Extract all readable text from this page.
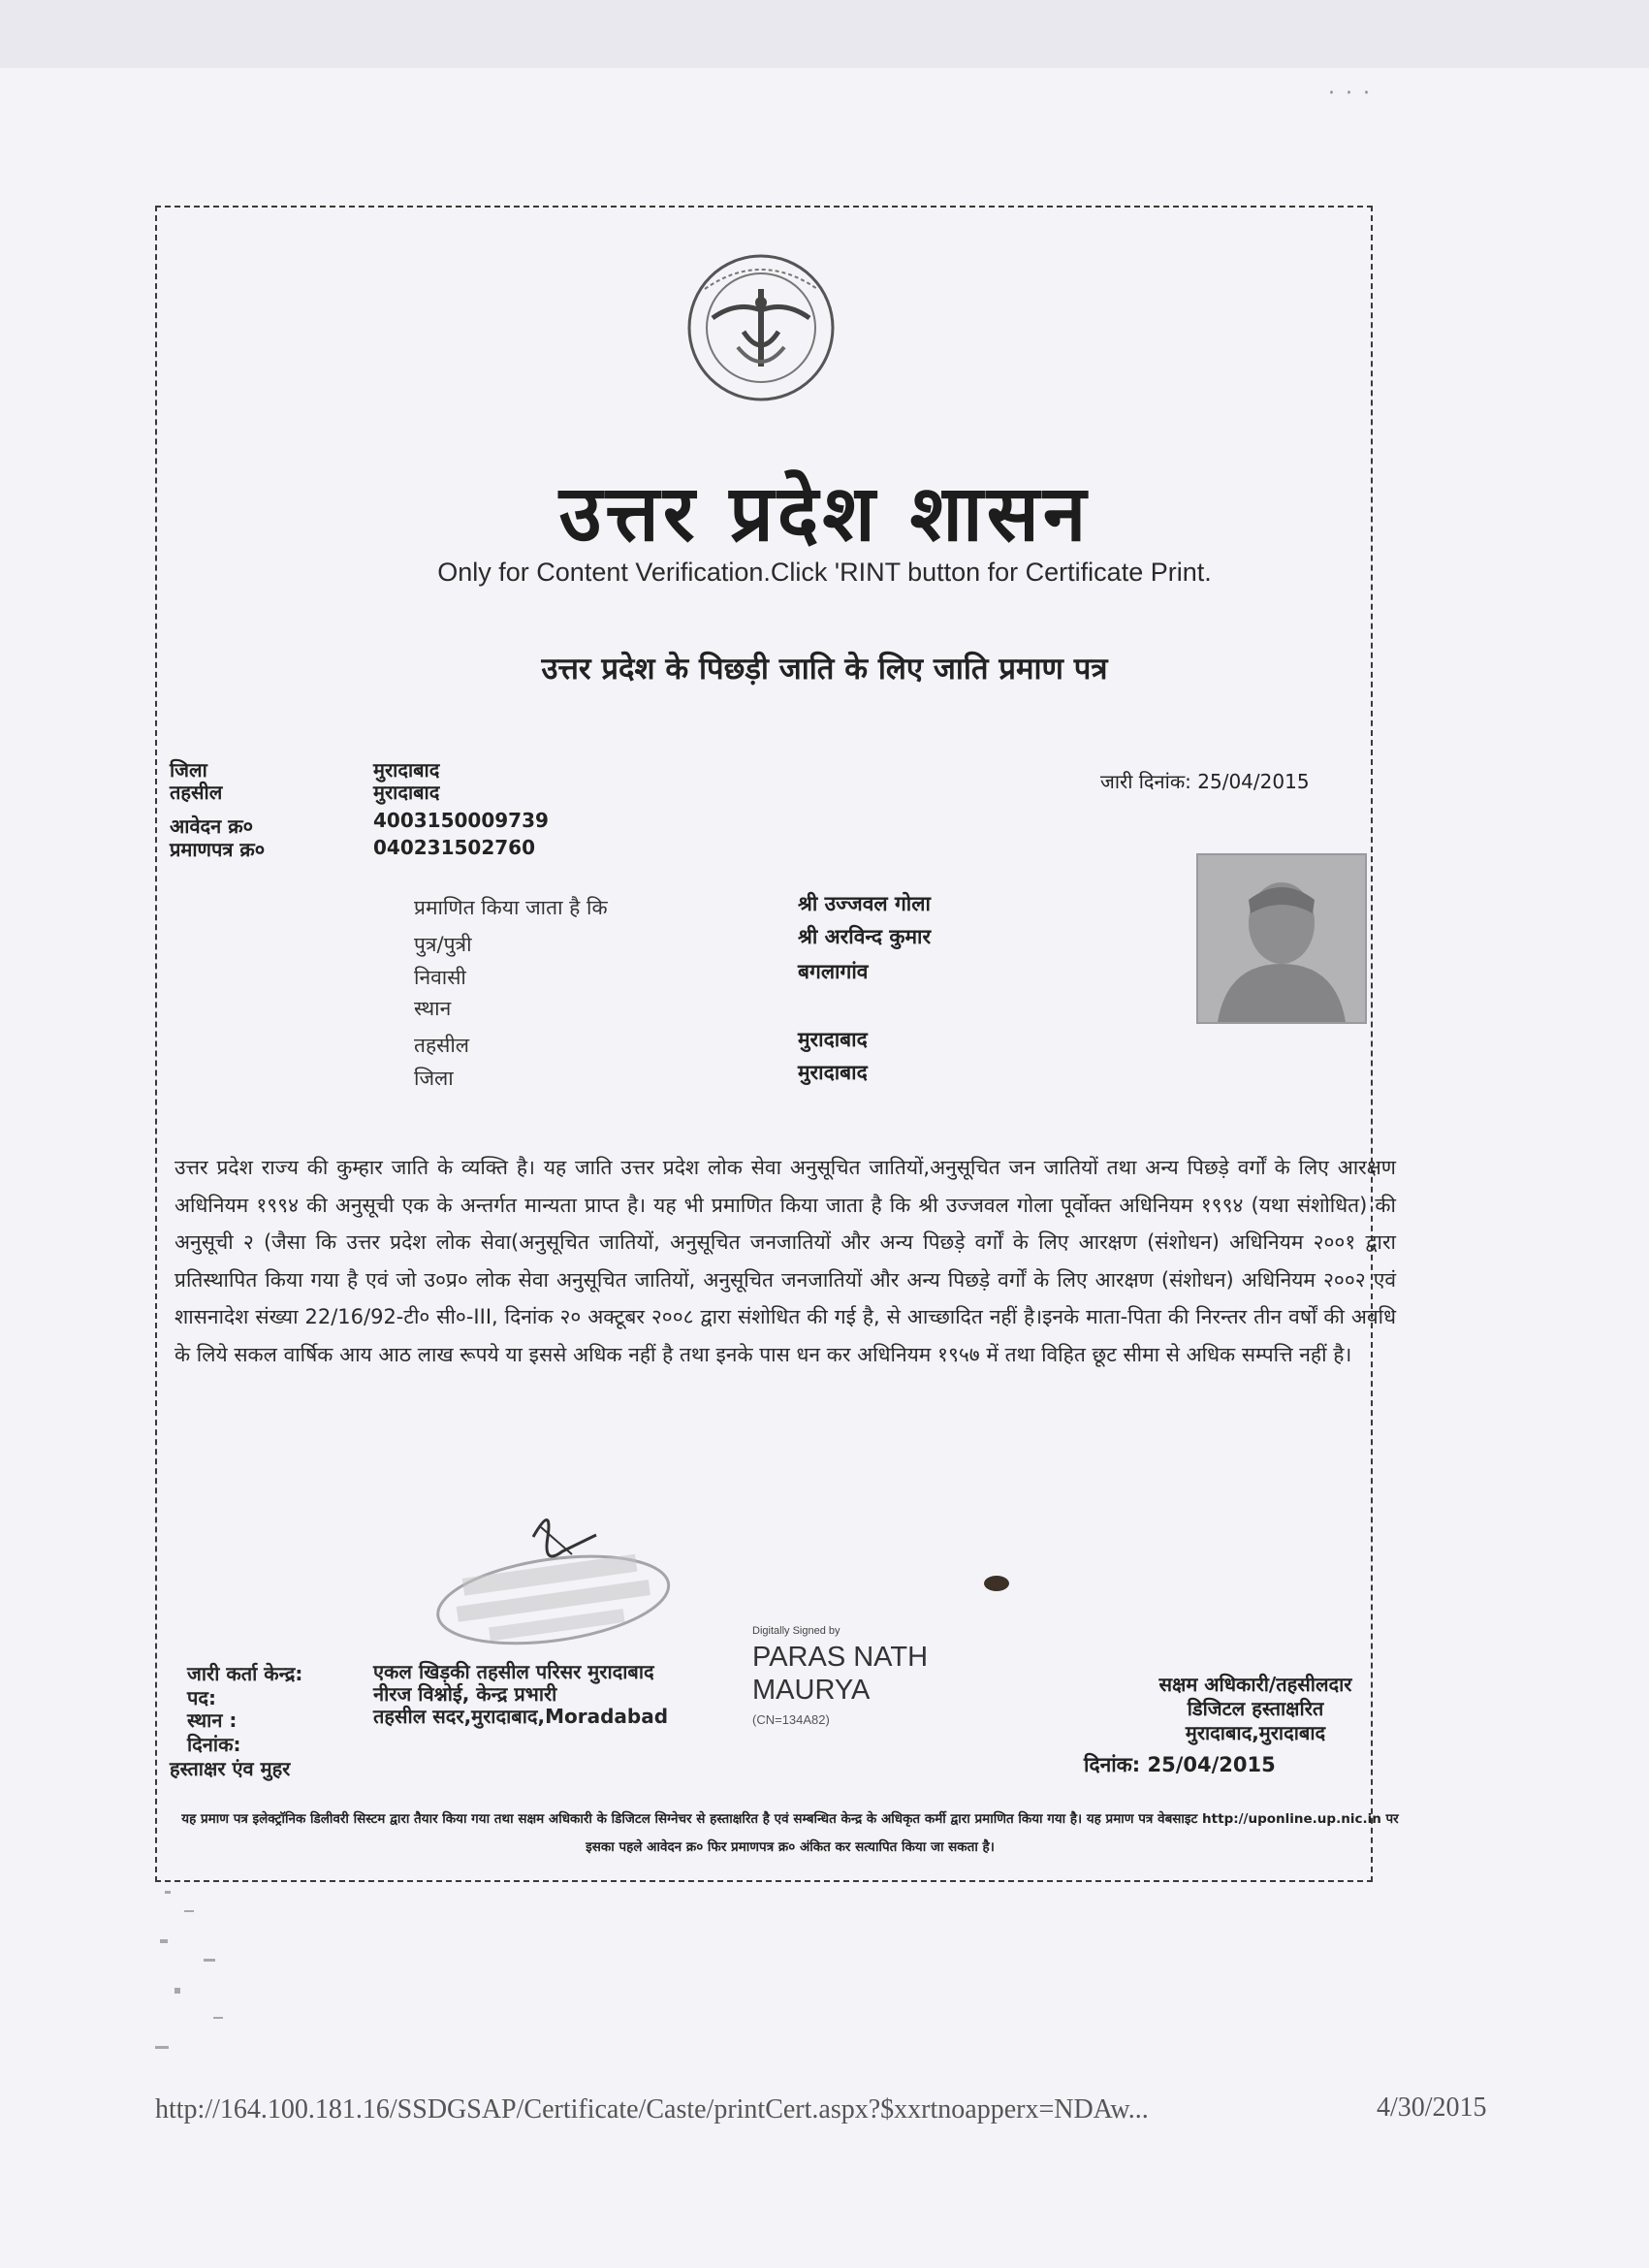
· · ·
उत्तर प्रदेश शासन
Only for Content Verification.Click 'RINT button for Certificate Print.
उत्तर प्रदेश के पिछड़ी जाति के लिए जाति प्रमाण पत्र
जिला	मुरादाबाद
तहसील	मुरादाबाद
आवेदन क्र०	4003150009739
प्रमाणपत्र क्र०	040231502760
जारी दिनांक: 25/04/2015
प्रमाणित किया जाता है कि	श्री उज्जवल गोला
पुत्र/पुत्री	श्री अरविन्द कुमार
निवासी	बगलागांव
स्थान
तहसील	मुरादाबाद
जिला	मुरादाबाद
उत्तर प्रदेश राज्य की कुम्हार जाति के व्यक्ति है। यह जाति उत्तर प्रदेश लोक सेवा अनुसूचित जातियों,अनुसूचित जन जातियों तथा अन्य पिछड़े वर्गों के लिए आरक्षण अधिनियम १९९४ की अनुसूची एक के अन्तर्गत मान्यता प्राप्त है। यह भी प्रमाणित किया जाता है कि श्री उज्जवल गोला पूर्वोक्त अधिनियम १९९४ (यथा संशोधित) की अनुसूची २ (जैसा कि उत्तर प्रदेश लोक सेवा(अनुसूचित जातियों, अनुसूचित जनजातियों और अन्य पिछड़े वर्गों के लिए आरक्षण (संशोधन) अधिनियम २००१ द्वारा प्रतिस्थापित किया गया है एवं जो उ०प्र० लोक सेवा अनुसूचित जातियों, अनुसूचित जनजातियों और अन्य पिछड़े वर्गों के लिए आरक्षण (संशोधन) अधिनियम २००२ एवं शासनादेश संख्या 22/16/92-टी० सी०-III, दिनांक २० अक्टूबर २००८ द्वारा संशोधित की गई है, से आच्छादित नहीं है।इनके माता-पिता की निरन्तर तीन वर्षों की अवधि के लिये सकल वार्षिक आय आठ लाख रूपये या इससे अधिक नहीं है तथा इनके पास धन कर अधिनियम १९५७ में तथा विहित छूट सीमा से अधिक सम्पत्ति नहीं है।
जारी कर्ता केन्द्र:	एकल खिड़की तहसील परिसर मुरादाबाद
पद:	नीरज विश्नोई, केन्द्र प्रभारी
स्थान :	तहसील सदर,मुरादाबाद,Moradabad
दिनांक:
हस्ताक्षर एंव मुहर
Digitally Signed by
PARAS NATH
MAURYA
(CN=134A82)
सक्षम अधिकारी/तहसीलदार
डिजिटल हस्ताक्षरित
मुरादाबाद,मुरादाबाद
दिनांक: 25/04/2015
यह प्रमाण पत्र इलेक्ट्रॉनिक डिलीवरी सिस्टम द्वारा तैयार किया गया तथा सक्षम अधिकारी के डिजिटल सिग्नेचर से हस्ताक्षरित है एवं सम्बन्धित केन्द्र के अधिकृत कर्मी द्वारा प्रमाणित किया गया है। यह प्रमाण पत्र वेबसाइट http://uponline.up.nic.in पर इसका पहले आवेदन क्र० फिर प्रमाणपत्र क्र० अंकित कर सत्यापित किया जा सकता है।
http://164.100.181.16/SSDGSAP/Certificate/Caste/printCert.aspx?$xxrtnoapperx=NDAw...	4/30/2015
